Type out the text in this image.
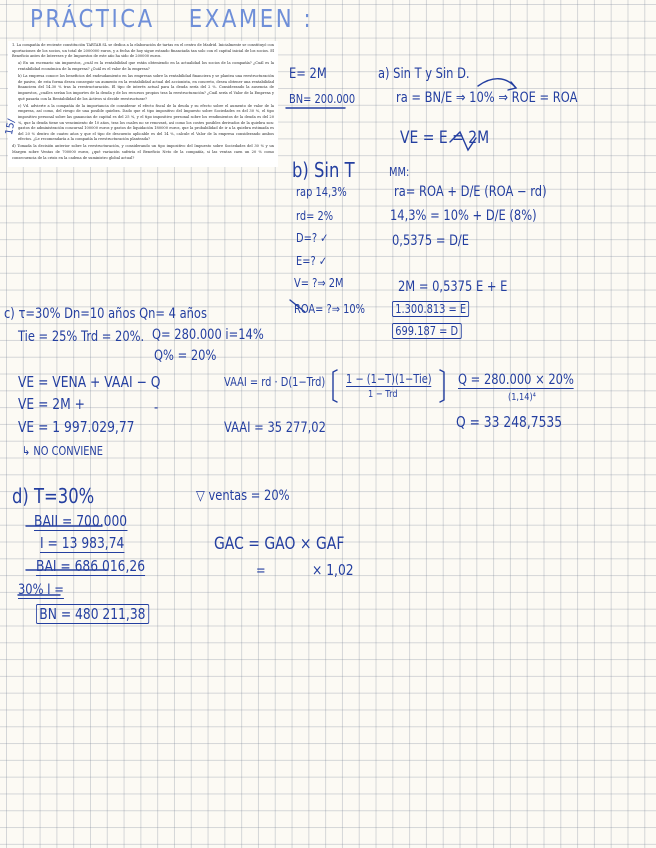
PRÁCTICA EXAMEN :

1. La compañía de reciente constitución TARTAR SL se dedica a la elaboración de tartas en el centro de Madrid. Inicialmente se constituyó con aportaciones de los socios, un total de 2000000 euros, y a fecha de hoy sigue estando financiada tan solo con el capital inicial de los socios. El Beneficio antes de Intereses y de Impuestos de este año ha sido de 200000 euros.

a) En un escenario sin impuestos, ¿cuál es la rentabilidad que están obteniendo en la actualidad los socios de la compañía? ¿Cuál es la rentabilidad económica de la empresa? ¿Cuál es el valor de la empresa?

b) La empresa conoce los beneficios del endeudamiento en las empresas sobre la rentabilidad financiera y se plantea una reestructuración de pasivo, de esta forma desea conseguir un aumento en la rentabilidad actual del accionista, en concreto, desea obtener una rentabilidad financiera del 14.30 % tras la reestructuración. El tipo de interés actual para la deuda sería del 2 %. Considerando la ausencia de impuestos, ¿cuáles serían los importes de la deuda y de los recursos propios tras la reestructuración? ¿Cuál sería el Valor de la Empresa y qué pasaría con la Rentabilidad de los Activos si decide reestructurar?

c) Vd. advierte a la compañía de la importancia de considerar el efecto fiscal de la deuda y su efecto sobre el aumento de valor de la empresa, así como, del riesgo de una posible quiebra. Dado que el tipo impositivo del Impuesto sobre Sociedades es del 30 %, el tipo impositivo personal sobre las ganancias de capital es del 25 %, y el tipo impositivo personal sobre los rendimientos de la deuda es del 20 %, que la deuda tiene un vencimiento de 10 años, tras los cuales no se renovará, así como los costes posibles derivados de la quiebra son: gastos de administración concursal 100000 euros y gastos de liquidación 180000 euros, que la probabilidad de ir a la quiebra estimada es del 20 % dentro de cuatro años y que el tipo de descuento aplicable es del 14 %, calcule el Valor de la empresa considerando ambos efectos. ¿Le recomendaría a la compañía la reestructuración planteada?

d) Tomada la decisión anterior sobre la reestructuración, y considerando un tipo impositivo del Impuesto sobre Sociedades del 30 % y un Margen sobre Ventas de 700000 euros, ¿qué variación sufriría el Beneficio Neto de la compañía, si las ventas caen un 20 % como consecuencia de la crisis en la cadena de suministro global actual?

15/
E= 2M
BN= 200.000
a) Sin T y Sin D.
ra = BN/E ⇒ 10% ⇒ ROE = ROA
VE = E = 2M
b) Sin T
rap 14,3%
rd= 2%
D=? ✓
E=? ✓
V= ?⇒ 2M
ROA= ?⇒ 10%
MM:
ra= ROA + D/E (ROA − rd)
14,3% = 10% + D/E (8%)
0,5375 = D/E
2M = 0,5375 E + E
1.300.813 = E
699.187 = D
c) τ=30% Dn=10 años Qn= 4 años
Tie = 25% Trd = 20%. Q= 280.000 i=14%
Q% = 20%
VE = VENA + VAAI − Q
VE = 2M +	-
VE = 1 997.029,77
↳ NO CONVIENE
VAAI = rd · D(1−Trd) 1 − (1−T)(1−Tie)
1 − Trd
VAAI = 35 277,02
Q = 280.000 × 20%
(1,14)⁴
Q = 33 248,7535
d) T=30%	▽ ventas = 20%
BAII = 700.000
I = 13 983,74
BAI = 686 016,26
30% I =
BN = 480 211,38
GAC = GAO × GAF
=	× 1,02
